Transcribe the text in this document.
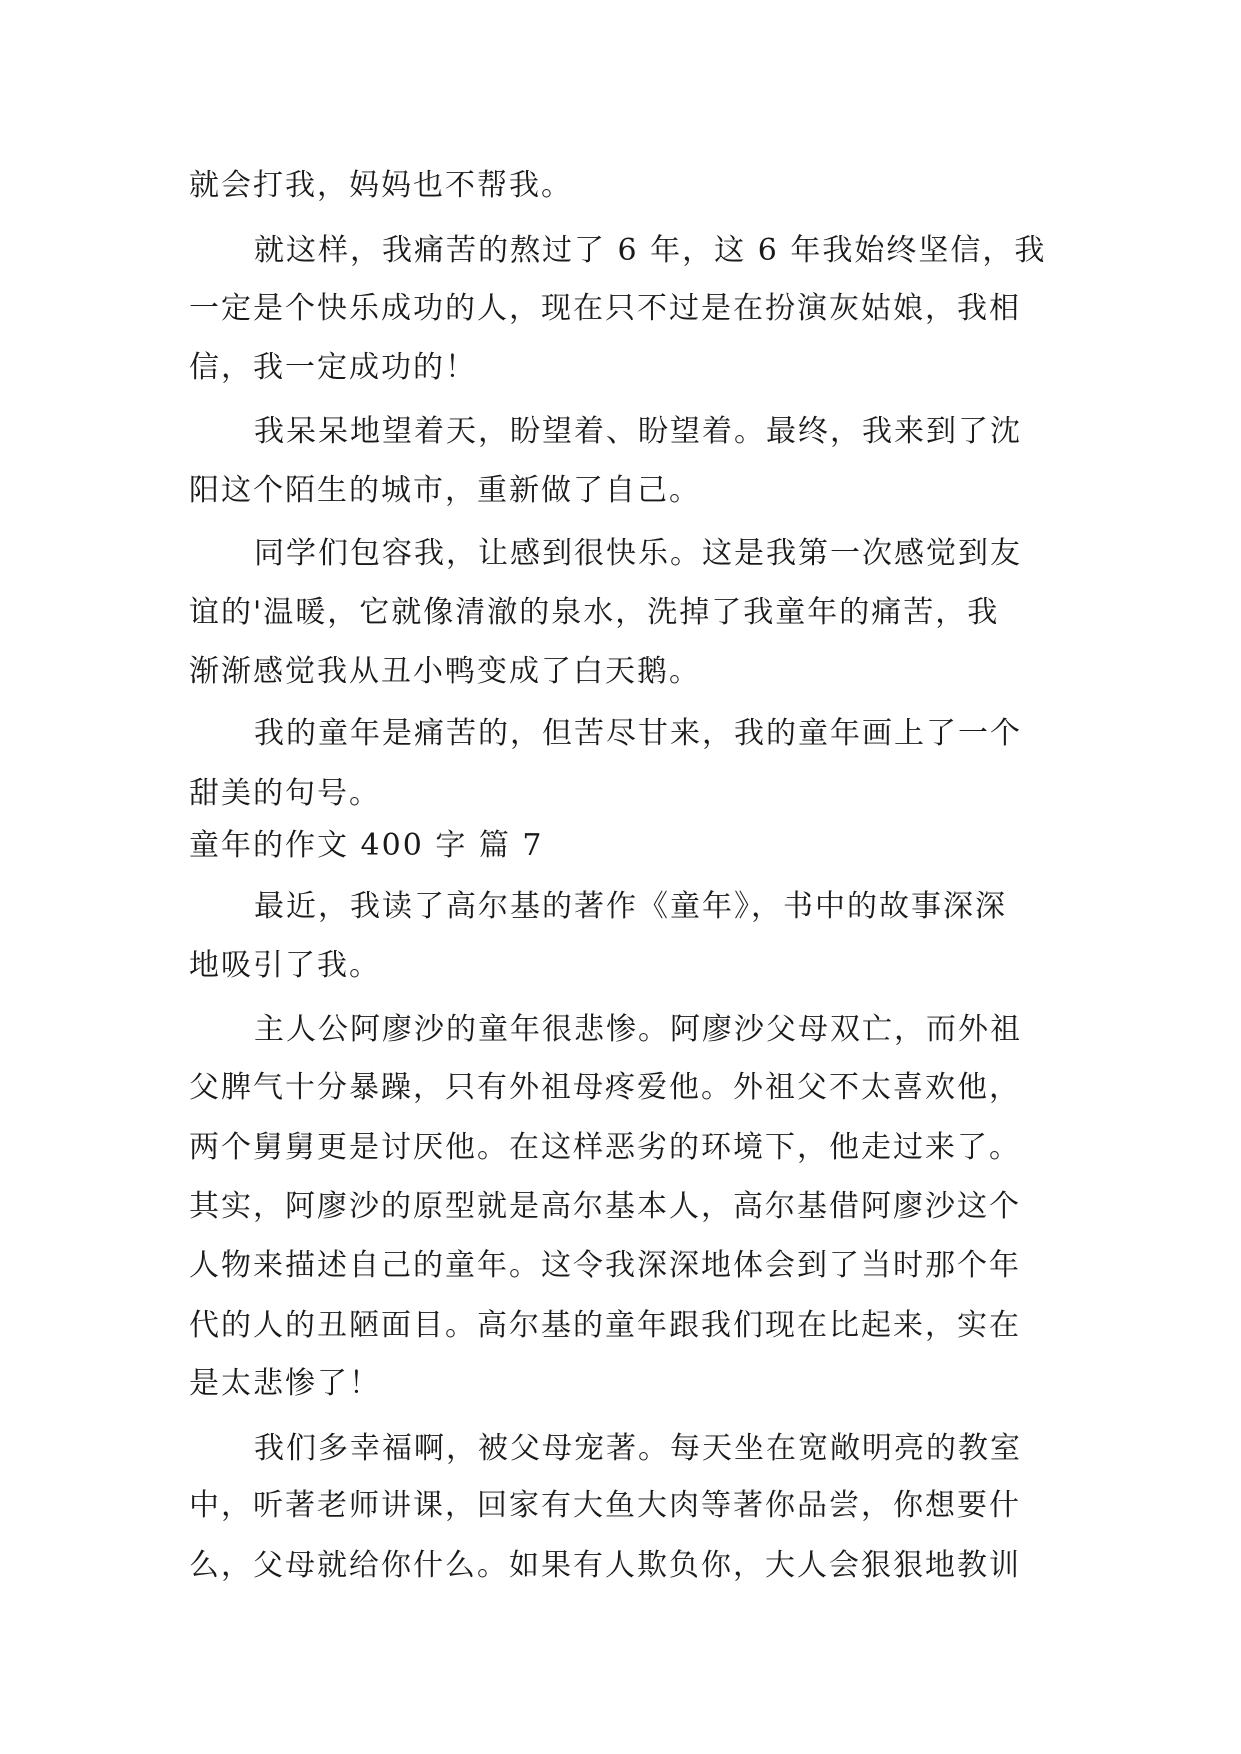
就会打我，妈妈也不帮我。
就这样，我痛苦的熬过了 6 年，这 6 年我始终坚信，我
一定是个快乐成功的人，现在只不过是在扮演灰姑娘，我相
信，我一定成功的！
我呆呆地望着天，盼望着、盼望着。最终，我来到了沈
阳这个陌生的城市，重新做了自己。
同学们包容我，让感到很快乐。这是我第一次感觉到友
谊的'温暖，它就像清澈的泉水，洗掉了我童年的痛苦，我
渐渐感觉我从丑小鸭变成了白天鹅。
我的童年是痛苦的，但苦尽甘来，我的童年画上了一个
甜美的句号。
童年的作文 400 字 篇 7
最近，我读了高尔基的著作《童年》，书中的故事深深
地吸引了我。
主人公阿廖沙的童年很悲惨。阿廖沙父母双亡，而外祖
父脾气十分暴躁，只有外祖母疼爱他。外祖父不太喜欢他，
两个舅舅更是讨厌他。在这样恶劣的环境下，他走过来了。
其实，阿廖沙的原型就是高尔基本人，高尔基借阿廖沙这个
人物来描述自己的童年。这令我深深地体会到了当时那个年
代的人的丑陋面目。高尔基的童年跟我们现在比起来，实在
是太悲惨了！
我们多幸福啊，被父母宠著。每天坐在宽敞明亮的教室
中，听著老师讲课，回家有大鱼大肉等著你品尝，你想要什
么，父母就给你什么。如果有人欺负你，大人会狠狠地教训
